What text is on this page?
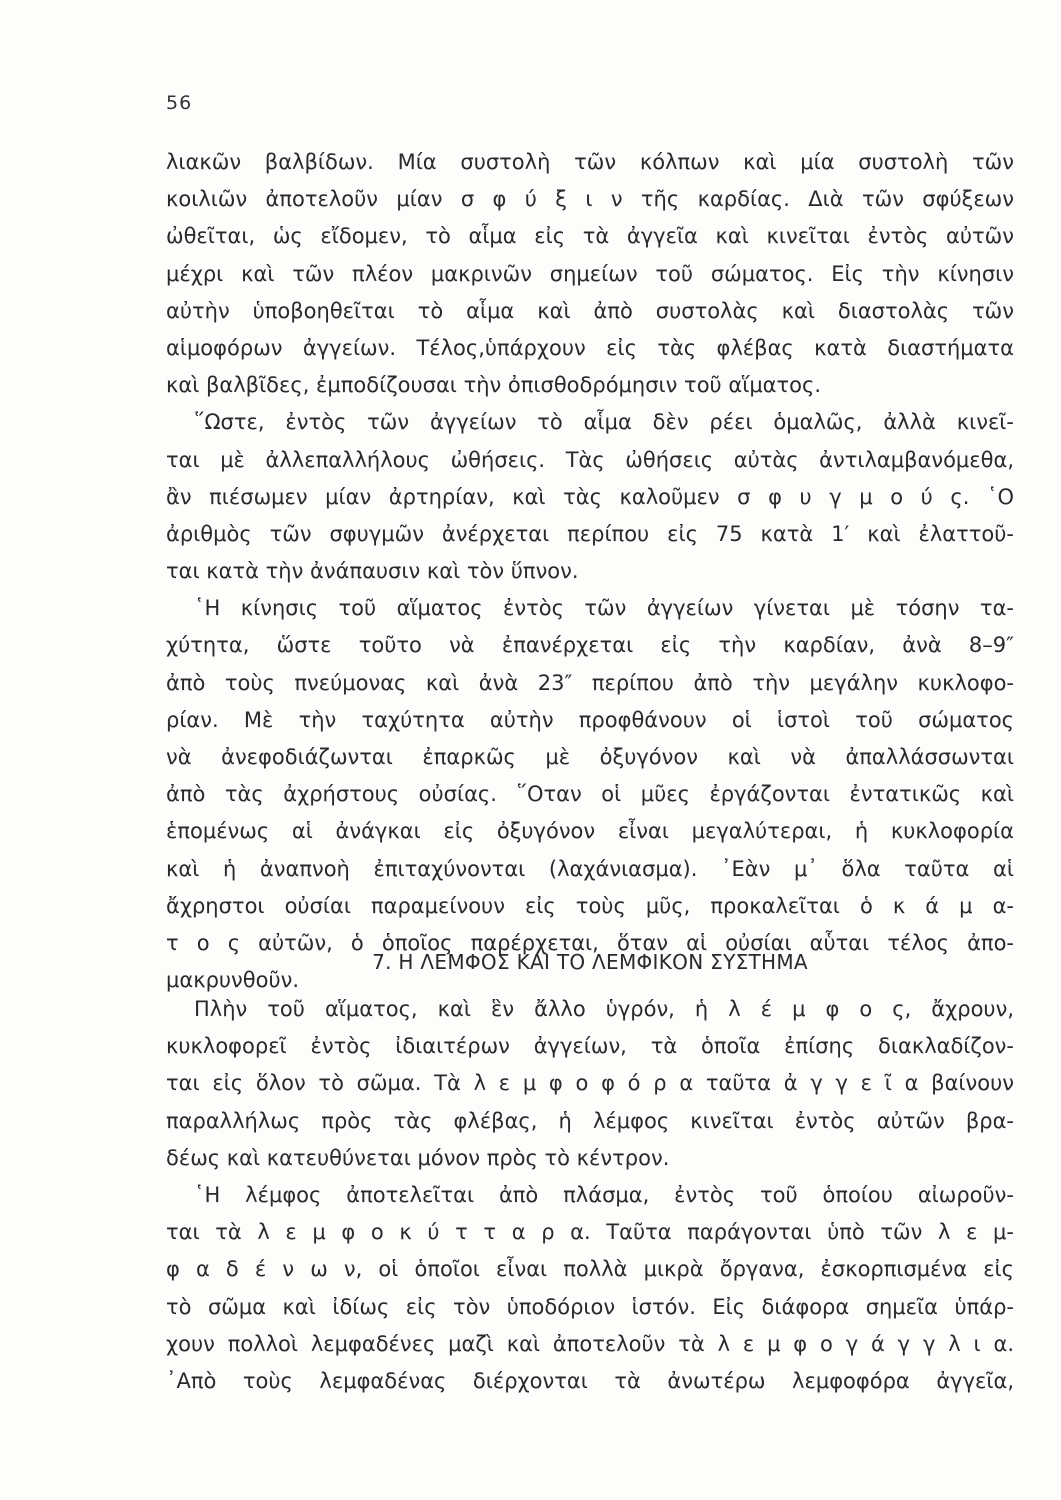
56
λιακῶν βαλβίδων. Μία συστολὴ τῶν κόλπων καὶ μία συστολὴ τῶν
κοιλιῶν ἀποτελοῦν μίαν σ φ ύ ξ ι ν τῆς καρδίας. Διὰ τῶν σφύξεων
ὠθεῖται, ὡς εἴδομεν, τὸ αἷμα εἰς τὰ ἀγγεῖα καὶ κινεῖται ἐντὸς αὐτῶν
μέχρι καὶ τῶν πλέον μακρινῶν σημείων τοῦ σώματος. Εἰς τὴν κίνησιν
αὐτὴν ὑποβοηθεῖται τὸ αἷμα καὶ ἀπὸ συστολὰς καὶ διαστολὰς τῶν
αἱμοφόρων ἀγγείων. Τέλος,ὑπάρχουν εἰς τὰς φλέβας κατὰ διαστήματα
καὶ βαλβῖδες, ἐμποδίζουσαι τὴν ὀπισθοδρόμησιν τοῦ αἵματος.
῞Ωστε, ἐντὸς τῶν ἀγγείων τὸ αἷμα δὲν ρέει ὁμαλῶς, ἀλλὰ κινεῖ-
ται μὲ ἀλλεπαλλήλους ὠθήσεις. Τὰς ὠθήσεις αὐτὰς ἀντιλαμβανόμεθα,
ἂν πιέσωμεν μίαν ἀρτηρίαν, καὶ τὰς καλοῦμεν σ φ υ γ μ ο ύ ς. ῾Ο
ἀριθμὸς τῶν σφυγμῶν ἀνέρχεται περίπου εἰς 75 κατὰ 1′ καὶ ἐλαττοῦ-
ται κατὰ τὴν ἀνάπαυσιν καὶ τὸν ὕπνον.
῾Η κίνησις τοῦ αἵματος ἐντὸς τῶν ἀγγείων γίνεται μὲ τόσην τα-
χύτητα, ὥστε τοῦτο νὰ ἐπανέρχεται εἰς τὴν καρδίαν, ἀνὰ 8–9″
ἀπὸ τοὺς πνεύμονας καὶ ἀνὰ 23″ περίπου ἀπὸ τὴν μεγάλην κυκλοφο-
ρίαν. Μὲ τὴν ταχύτητα αὐτὴν προφθάνουν οἱ ἱστοὶ τοῦ σώματος
νὰ ἀνεφοδιάζωνται ἐπαρκῶς μὲ ὀξυγόνον καὶ νὰ ἀπαλλάσσωνται
ἀπὸ τὰς ἀχρήστους οὐσίας. ῞Οταν οἱ μῦες ἐργάζονται ἐντατικῶς καὶ
ἑπομένως αἱ ἀνάγκαι εἰς ὀξυγόνον εἶναι μεγαλύτεραι, ἡ κυκλοφορία
καὶ ἡ ἀναπνοὴ ἐπιταχύνονται (λαχάνιασμα). ᾿Εὰν μ᾿ ὅλα ταῦτα αἱ
ἄχρηστοι οὐσίαι παραμείνουν εἰς τοὺς μῦς, προκαλεῖται ὁ κ ά μ α-
τ ο ς αὐτῶν, ὁ ὁποῖος παρέρχεται, ὅταν αἱ οὐσίαι αὗται τέλος ἀπο-
μακρυνθοῦν.
7. Η ΛΕΜΦΟΣ ΚΑΙ ΤΟ ΛΕΜΦΙΚΟΝ ΣΥΣΤΗΜΑ
Πλὴν τοῦ αἵματος, καὶ ἓν ἄλλο ὑγρόν, ἡ λ έ μ φ ο ς, ἄχρουν,
κυκλοφορεῖ ἐντὸς ἰδιαιτέρων ἀγγείων, τὰ ὁποῖα ἐπίσης διακλαδίζον-
ται εἰς ὅλον τὸ σῶμα. Τὰ λ ε μ φ ο φ ό ρ α ταῦτα ἀ γ γ ε ῖ α βαίνουν
παραλλήλως πρὸς τὰς φλέβας, ἡ λέμφος κινεῖται ἐντὸς αὐτῶν βρα-
δέως καὶ κατευθύνεται μόνον πρὸς τὸ κέντρον.
῾Η λέμφος ἀποτελεῖται ἀπὸ πλάσμα, ἐντὸς τοῦ ὁποίου αἰωροῦν-
ται τὰ λ ε μ φ ο κ ύ τ τ α ρ α. Ταῦτα παράγονται ὑπὸ τῶν λ ε μ-
φ α δ έ ν ω ν, οἱ ὁποῖοι εἶναι πολλὰ μικρὰ ὄργανα, ἐσκορπισμένα εἰς
τὸ σῶμα καὶ ἰδίως εἰς τὸν ὑποδόριον ἱστόν. Εἰς διάφορα σημεῖα ὑπάρ-
χουν πολλοὶ λεμφαδένες μαζὶ καὶ ἀποτελοῦν τὰ λ ε μ φ ο γ ά γ γ λ ι α.
᾿Απὸ τοὺς λεμφαδένας διέρχονται τὰ ἀνωτέρω λεμφοφόρα ἀγγεῖα,
